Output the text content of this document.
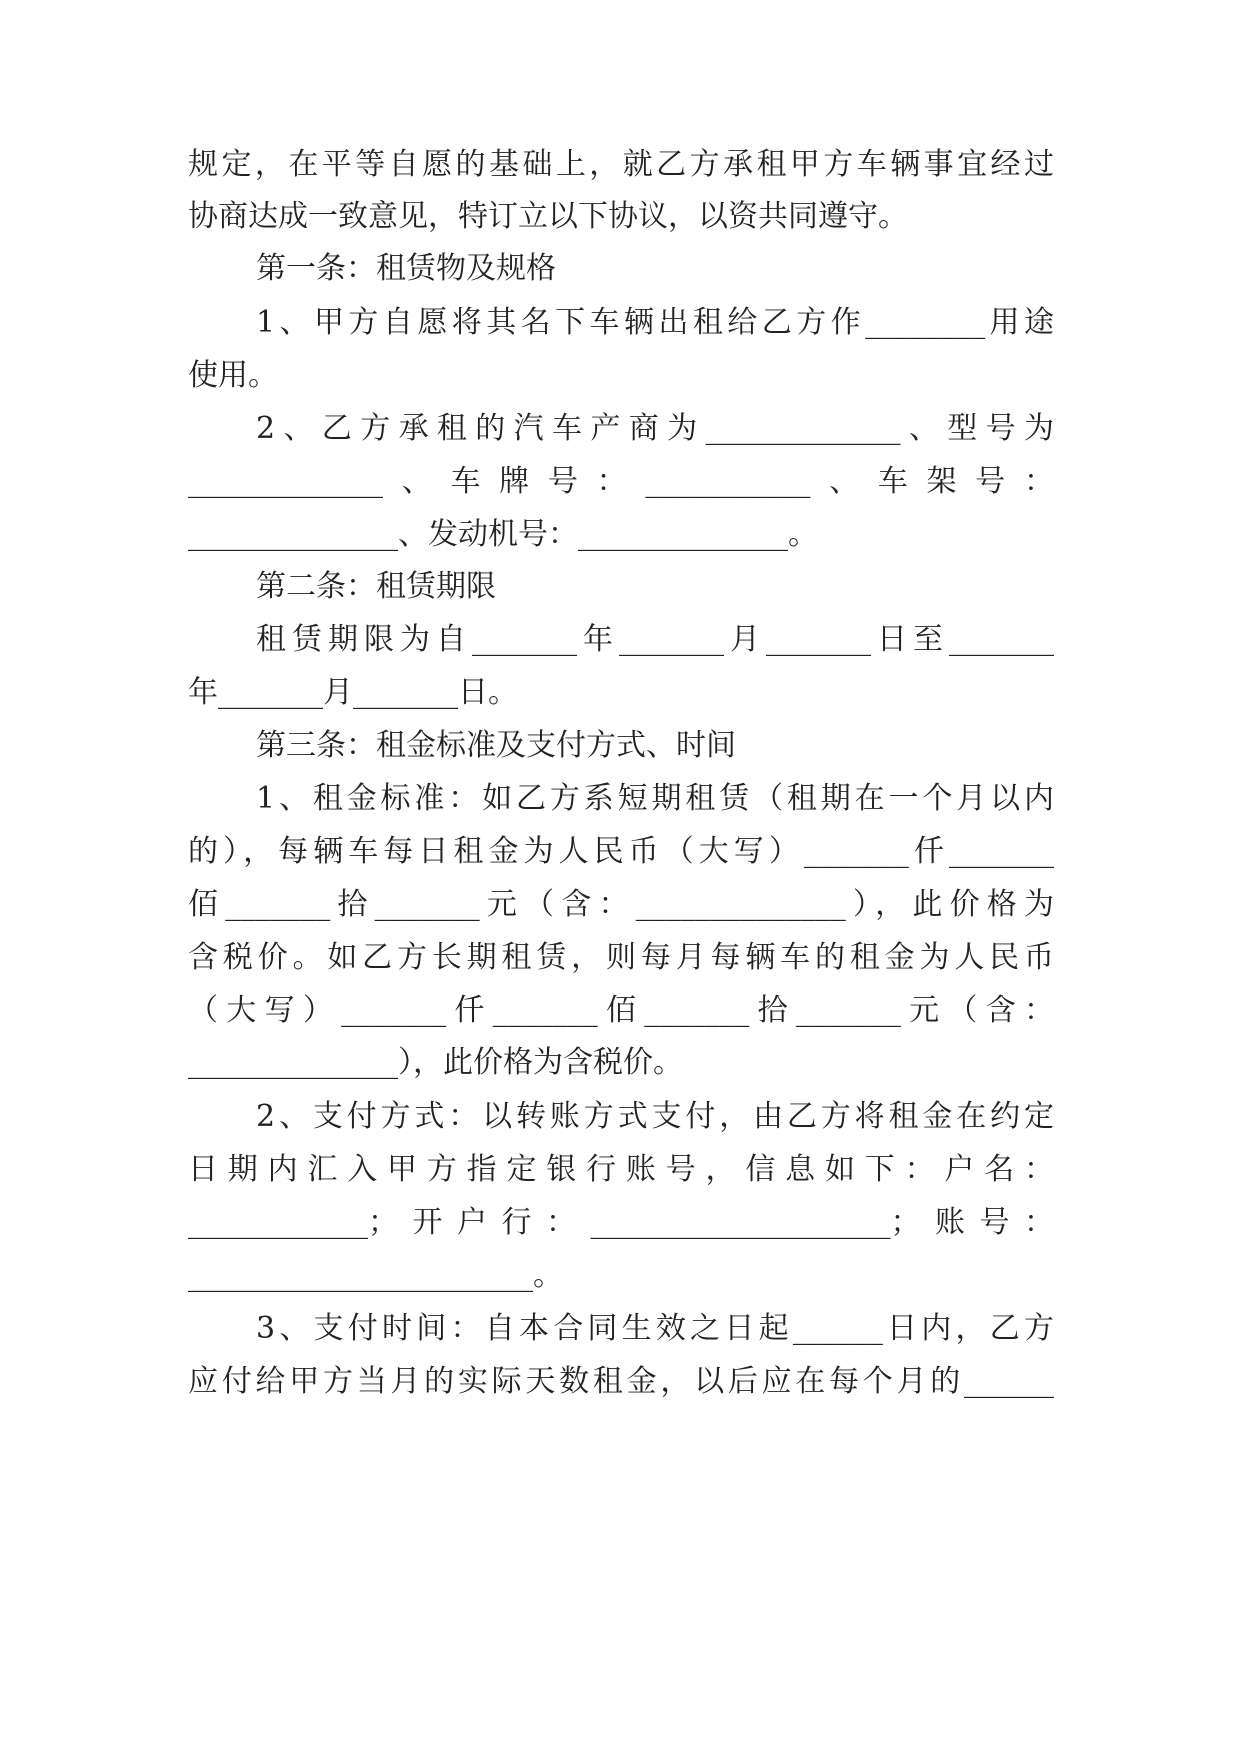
规定，在平等自愿的基础上，就乙方承租甲方车辆事宜经过
协商达成一致意见，特订立以下协议，以资共同遵守。
第一条：租赁物及规格
1、甲方自愿将其名下车辆出租给乙方作________用途
使用。
2、乙方承租的汽车产商为_____________、型号为
_____________、车牌号：___________、车架号：
______________、发动机号：______________。
第二条：租赁期限
租赁期限为自_______年_______月_______日至_______
年_______月_______日。
第三条：租金标准及支付方式、时间
1、租金标准：如乙方系短期租赁（租期在一个月以内
的），每辆车每日租金为人民币（大写）_______仟_______
佰_______拾_______元（含：______________），此价格为
含税价。如乙方长期租赁，则每月每辆车的租金为人民币
（大写）_______仟_______佰_______拾_______元（含：
______________），此价格为含税价。
2、支付方式：以转账方式支付，由乙方将租金在约定
日期内汇入甲方指定银行账号，信息如下：户名：
____________；开户行：____________________；账号：
_______________________。
3、支付时间：自本合同生效之日起______日内，乙方
应付给甲方当月的实际天数租金，以后应在每个月的______
